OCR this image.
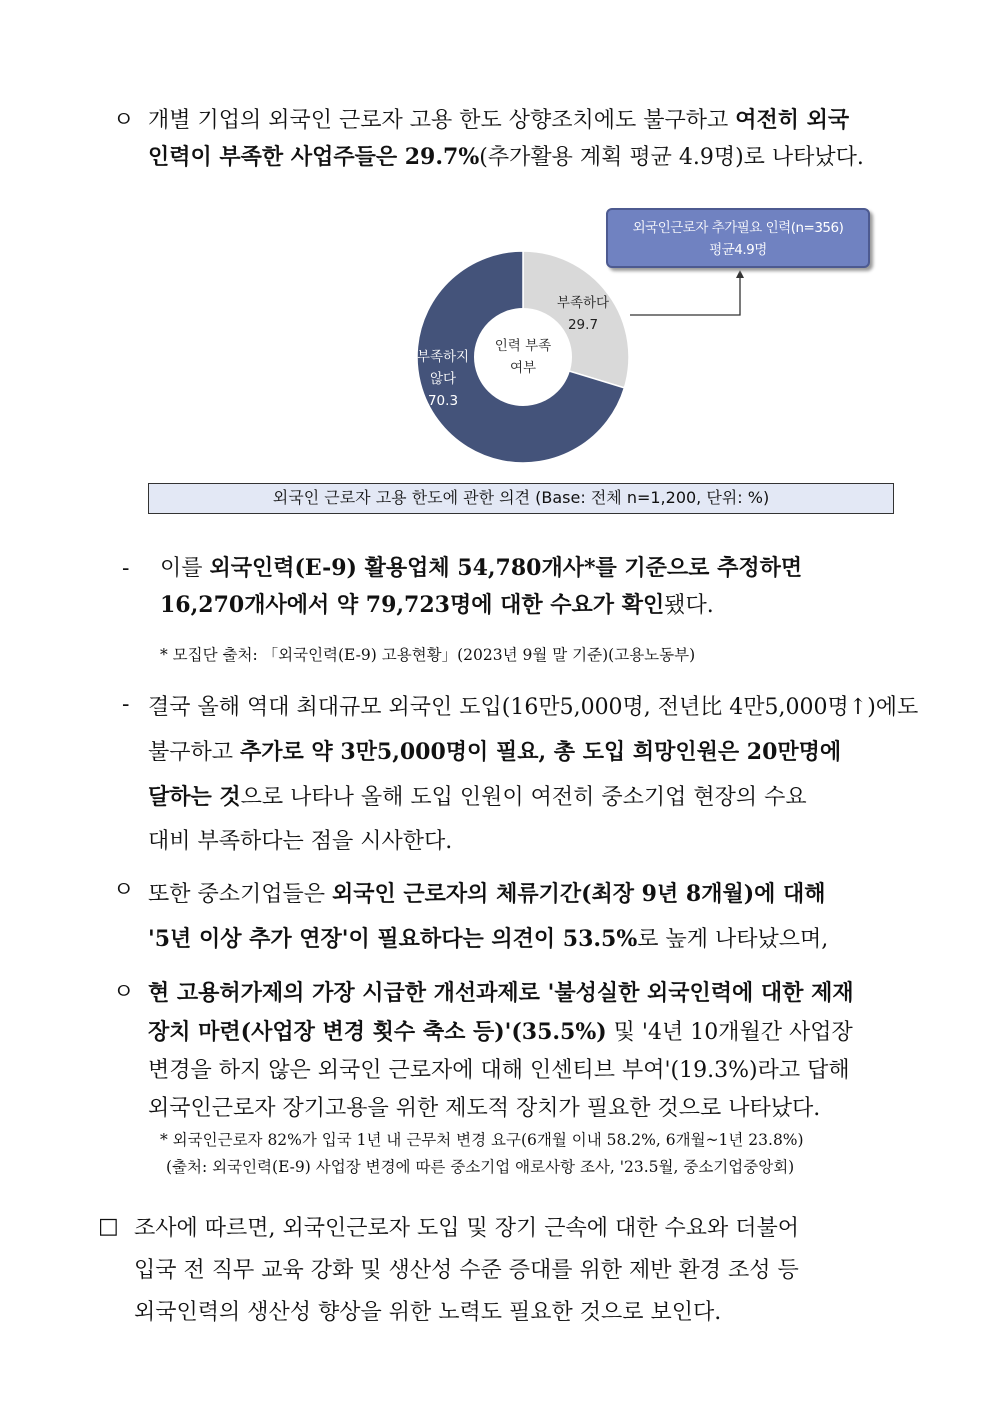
ㅇ 개별 기업의 외국인 근로자 고용 한도 상향조치에도 불구하고 여전히 외국
인력이 부족한 사업주들은 29.7%(추가활용 계획 평균 4.9명)로 나타났다.
외국인근로자 추가필요 인력(n=356)
평균4.9명
부족하다
29.7
부족하지
않다
70.3
인력 부족
여부
외국인 근로자 고용 한도에 관한 의견 (Base: 전체 n=1,200, 단위: %)
- 이를 외국인력(E-9) 활용업체 54,780개사*를 기준으로 추정하면
16,270개사에서 약 79,723명에 대한 수요가 확인됐다.
* 모집단 출처: 「외국인력(E-9) 고용현황」(2023년 9월 말 기준)(고용노동부)
- 결국 올해 역대 최대규모 외국인 도입(16만5,000명, 전년比 4만5,000명↑)에도
불구하고 추가로 약 3만5,000명이 필요, 총 도입 희망인원은 20만명에
달하는 것으로 나타나 올해 도입 인원이 여전히 중소기업 현장의 수요
대비 부족하다는 점을 시사한다.
ㅇ 또한 중소기업들은 외국인 근로자의 체류기간(최장 9년 8개월)에 대해
'5년 이상 추가 연장'이 필요하다는 의견이 53.5%로 높게 나타났으며,
ㅇ 현 고용허가제의 가장 시급한 개선과제로 '불성실한 외국인력에 대한 제재
장치 마련(사업장 변경 횟수 축소 등)'(35.5%) 및 '4년 10개월간 사업장
변경을 하지 않은 외국인 근로자에 대해 인센티브 부여'(19.3%)라고 답해
외국인근로자 장기고용을 위한 제도적 장치가 필요한 것으로 나타났다.
* 외국인근로자 82%가 입국 1년 내 근무처 변경 요구(6개월 이내 58.2%, 6개월~1년 23.8%)
(출처: 외국인력(E-9) 사업장 변경에 따른 중소기업 애로사항 조사, '23.5월, 중소기업중앙회)
□ 조사에 따르면, 외국인근로자 도입 및 장기 근속에 대한 수요와 더불어
입국 전 직무 교육 강화 및 생산성 수준 증대를 위한 제반 환경 조성 등
외국인력의 생산성 향상을 위한 노력도 필요한 것으로 보인다.
